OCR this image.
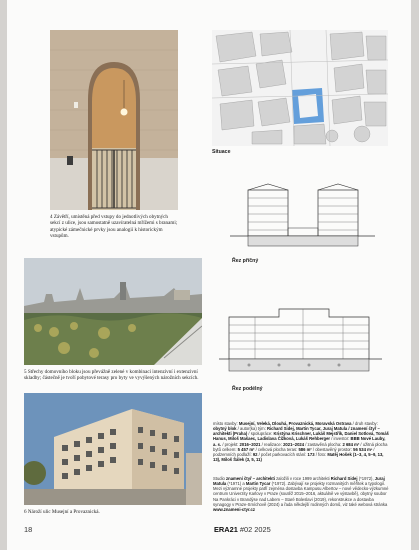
4 Závětří, umístěná před vstupy do jednotlivých obytných sekcí z ulice, jsou samostatně uzavíratelná mřížemi s branami; atypické zámečnické prvky jsou analogií k historickým vstupům.
5 Střechy domovního bloku jsou převážně zelené v kombinaci intenzivní i extenzivní skladby; částečně je tvoří pobytové terasy pro byty ve vyvýšených nárožních sekcích.
6 Nároží ulic Musejní a Provaznická.
Situace
Řez příčný
Řez podélný
místo stavby: Musejní, Veleká, Dlouhá, Provaznická, Moravská Ostrava / druh stavby: obytný blok / autor(ka) tým: Richard Sidej, Martin Tycar, Juraj Matula / znamení čtyř – architekti (Praha) / spolupráce: Kristýna Krischner, Lukáš Mejstřík, Daniel Sotlová, Tomáš Hanus, Miloš Mašaec, Ladislava Čížková, Lukáš Rehberger / investor: BBB Nové Lauby, a. s. / projekt: 2016–2021 / realizace: 2021–2024 / zastavěná plocha: 2 684 m² / užitná plocha bytů celkem: 5 457 m² / celková plocha teras: 586 m² / obestavěný prostor: 56 534 m³ / podzemních podlaží: 92 / počet parkovacích stání: 173 / foto: Matěj Hošek (1–3, 4, 5–9, 13, 13), Miloš Šálek (3, 5, 11)
Studio znamení čtyř – architekti založili v roce 1999 architekti Richard Sidej (*1972), Juraj Matula (*1971) a Martin Tycar (*1972). Zabývají se projekty rozmanitých měřítek a typologií. Mezi významné projekty patří zejména dostavba Kampusu Albertov – nové vědecko-výzkumné centrum Univerzity Karlovy v Praze (soutěž 2015–2016, aktuálně ve výstavbě), obytný soubor Na Pankráci v Brandýse nad Labem – Staré Boleslavi (2019), rekonstrukce a dostavba synagogy v Praze-Smíchově (2024) a řada někdejší rodinných domů, viz také webová stránka www.znameni-ctyr.cz
18	ERA21 #02 2025
